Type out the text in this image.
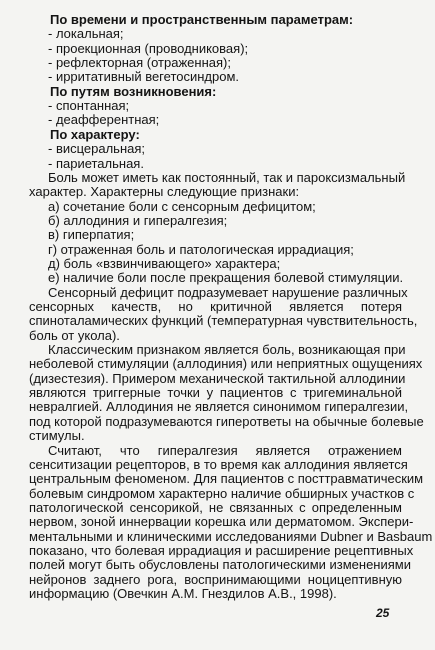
По времени и пространственным параметрам:
- локальная;
- проекционная (проводниковая);
- рефлекторная (отраженная);
- ирритативный вегетосиндром.
По путям возникновения:
- спонтанная;
- деафферентная;
По характеру:
- висцеральная;
- париетальная.
Боль может иметь как постоянный, так и пароксизмальный
характер. Характерны следующие признаки:
а) сочетание боли с сенсорным дефицитом;
б) аллодиния и гипералгезия;
в) гиперпатия;
г) отраженная боль и патологическая иррадиация;
д) боль «взвинчивающего» характера;
е) наличие боли после прекращения болевой стимуляции.
Сенсорный дефицит подразумевает нарушение различных
сенсорных качеств, но критичной является потеря
спиноталамических функций (температурная чувствительность,
боль от укола).
Классическим признаком является боль, возникающая при
неболевой стимуляции (аллодиния) или неприятных ощущениях
(дизестезия). Примером механической тактильной аллодинии
являются триггерные точки у пациентов с тригеминальной
невралгией. Аллодиния не является синонимом гипералгезии,
под которой подразумеваются гиперответы на обычные болевые
стимулы.
Считают, что гипералгезия является отражением
сенситизации рецепторов, в то время как аллодиния является
центральным феноменом. Для пациентов с посттравматическим
болевым синдромом характерно наличие обширных участков с
патологической сенсорикой, не связанных с определенным
нервом, зоной иннервации корешка или дерматомом. Экспери-
ментальными и клиническими исследованиями Dubner и Basbaum
показано, что болевая иррадиация и расширение рецептивных
полей могут быть обусловлены патологическими изменениями
нейронов заднего рога, воспринимающими ноцицептивную
информацию (Овечкин А.М. Гнездилов А.В., 1998).
25
